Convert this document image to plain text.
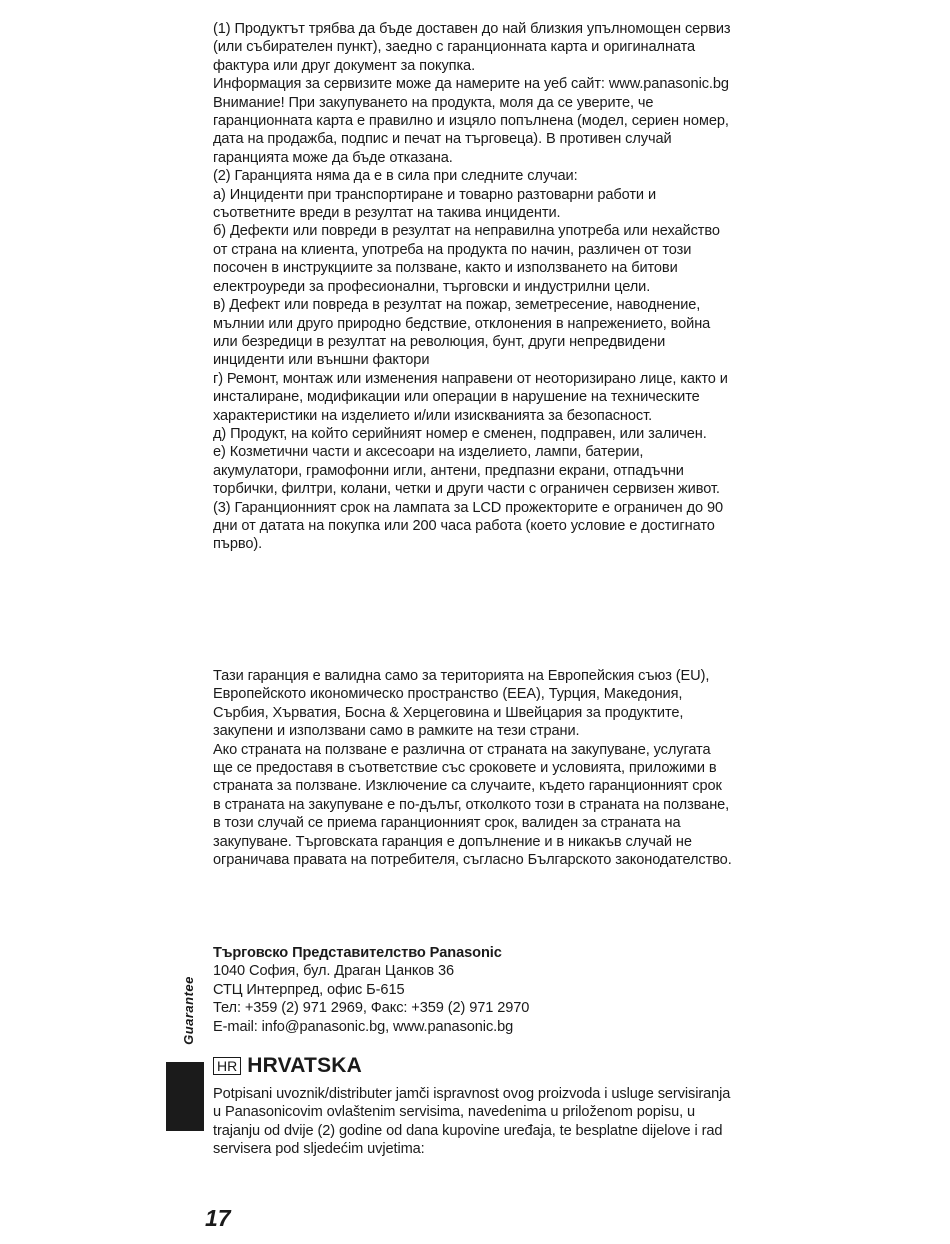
(1) Продуктът трябва да бъде доставен до най близкия упълномощен сервиз (или събирателен пункт), заедно с гаранционната карта и оригиналната фактура или друг документ за покупка.

Информация за сервизите може да намерите на уеб сайт: www.panasonic.bg Внимание! При закупуването на продукта, моля да се уверите, че гаранционната карта е правилно и изцяло попълнена (модел, сериен номер, дата на продажба, подпис и печат на търговеца). В противен случай гаранцията може да бъде отказана.

(2) Гаранцията няма да е в сила при следните случаи:

а) Инциденти при транспортиране и товарно разтоварни работи и съответните вреди в резултат на такива инциденти.

б) Дефекти или повреди в резултат на неправилна употреба или нехайство от страна на клиента, употреба на продукта по начин, различен от този посочен в инструкциите за ползване, както и използването на битови електроуреди за професионални, търговски и индустрилни цели.

в) Дефект или повреда в резултат на пожар, земетресение, наводнение, мълнии или друго природно бедствие, отклонения в напрежението, война или безредици в резултат на революция, бунт, други непредвидени инциденти или външни фактори

г) Ремонт, монтаж или изменения направени от неоторизирано лице, както и инсталиране, модификации или операции в нарушение на техническите характеристики на изделието и/или изискванията за безопасност.

д) Продукт, на който серийният номер е сменен, подправен, или заличен.

е) Козметични части и аксесоари на изделието, лампи, батерии, акумулатори, грамофонни игли, антени, предпазни екрани, отпадъчни торбички, филтри, колани, четки и други части с ограничен сервизен живот.

(3) Гаранционният срок на лампата за LCD прожекторите е ограничен до 90 дни от датата на покупка или 200 часа работа (което условие е достигнато първо).

Тази гаранция е валидна само за територията на Европейския съюз (EU), Европейското икономическо пространство (EEA), Турция, Македония, Сърбия, Хърватия, Босна & Херцеговина и Швейцария за продуктите, закупени и използвани само в рамките на тези страни.

Ако страната на ползване е различна от страната на закупуване, услугата ще се предоставя в съответствие със сроковете и условията, приложими в страната за ползване. Изключение са случаите, където гаранционният срок в страната на закупуване е по-дълъг, отколкото този в страната на ползване, в този случай се приема гаранционният срок, валиден за страната на закупуване. Търговската гаранция е допълнение и в никакъв случай не ограничава правата на потребителя, съгласно Българското законодателство.

Търговско Представителство Panasonic

1040 София, бул. Драган Цанков 36

СТЦ Интерпред, офис Б-615

Тел: +359 (2) 971 2969, Факс: +359 (2) 971 2970

E-mail: info@panasonic.bg, www.panasonic.bg

Guarantee
HR HRVATSKA

Potpisani uvoznik/distributer jamči ispravnost ovog proizvoda i usluge servisiranja u Panasonicovim ovlaštenim servisima, navedenima u priloženom popisu, u trajanju od dvije (2) godine od dana kupovine uređaja, te besplatne dijelove i rad servisera pod sljedećim uvjetima:

17
